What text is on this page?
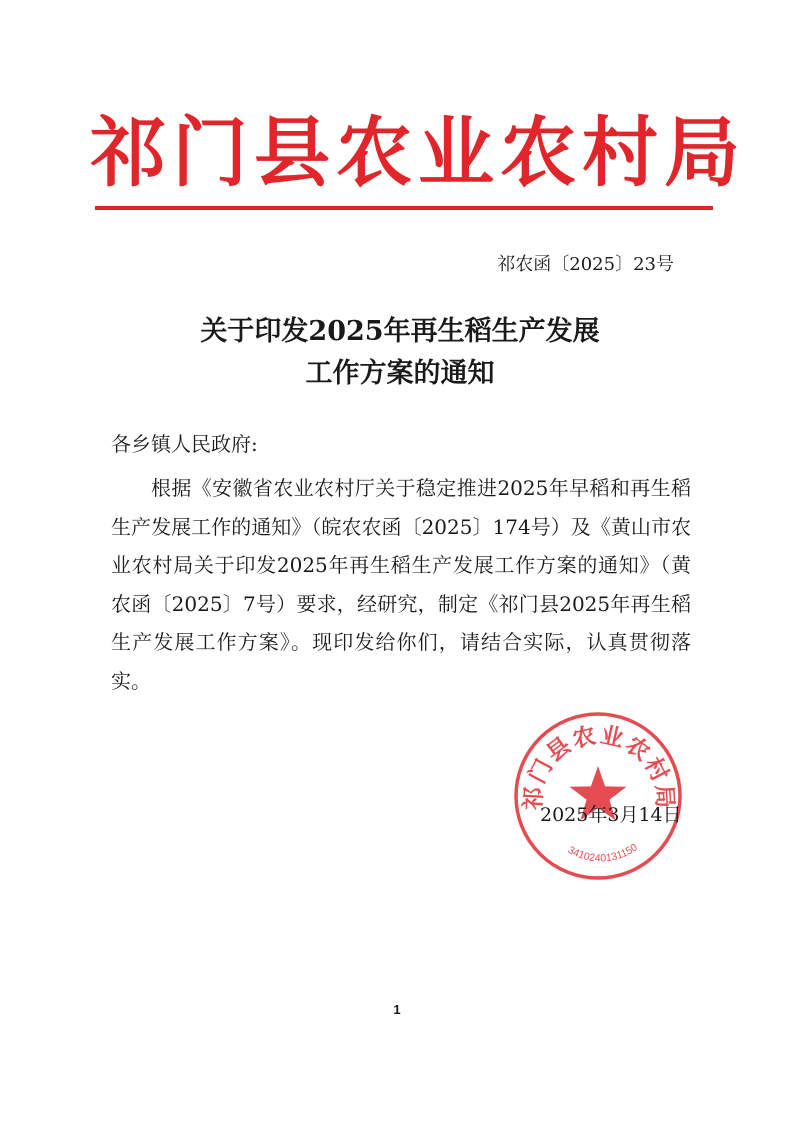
祁门县农业农村局
祁农函〔2025〕23号
关于印发2025年再生稻生产发展
工作方案的通知
各乡镇人民政府:
根据《安徽省农业农村厅关于稳定推进2025年早稻和再生稻生产发展工作的通知》（皖农农函〔2025〕174号）及《黄山市农业农村局关于印发2025年再生稻生产发展工作方案的通知》（黄农函〔2025〕7号）要求，经研究，制定《祁门县2025年再生稻生产发展工作方案》。现印发给你们，请结合实际，认真贯彻落实。
祁门县农业农村局
3410240131150
2025年3月14日
1
